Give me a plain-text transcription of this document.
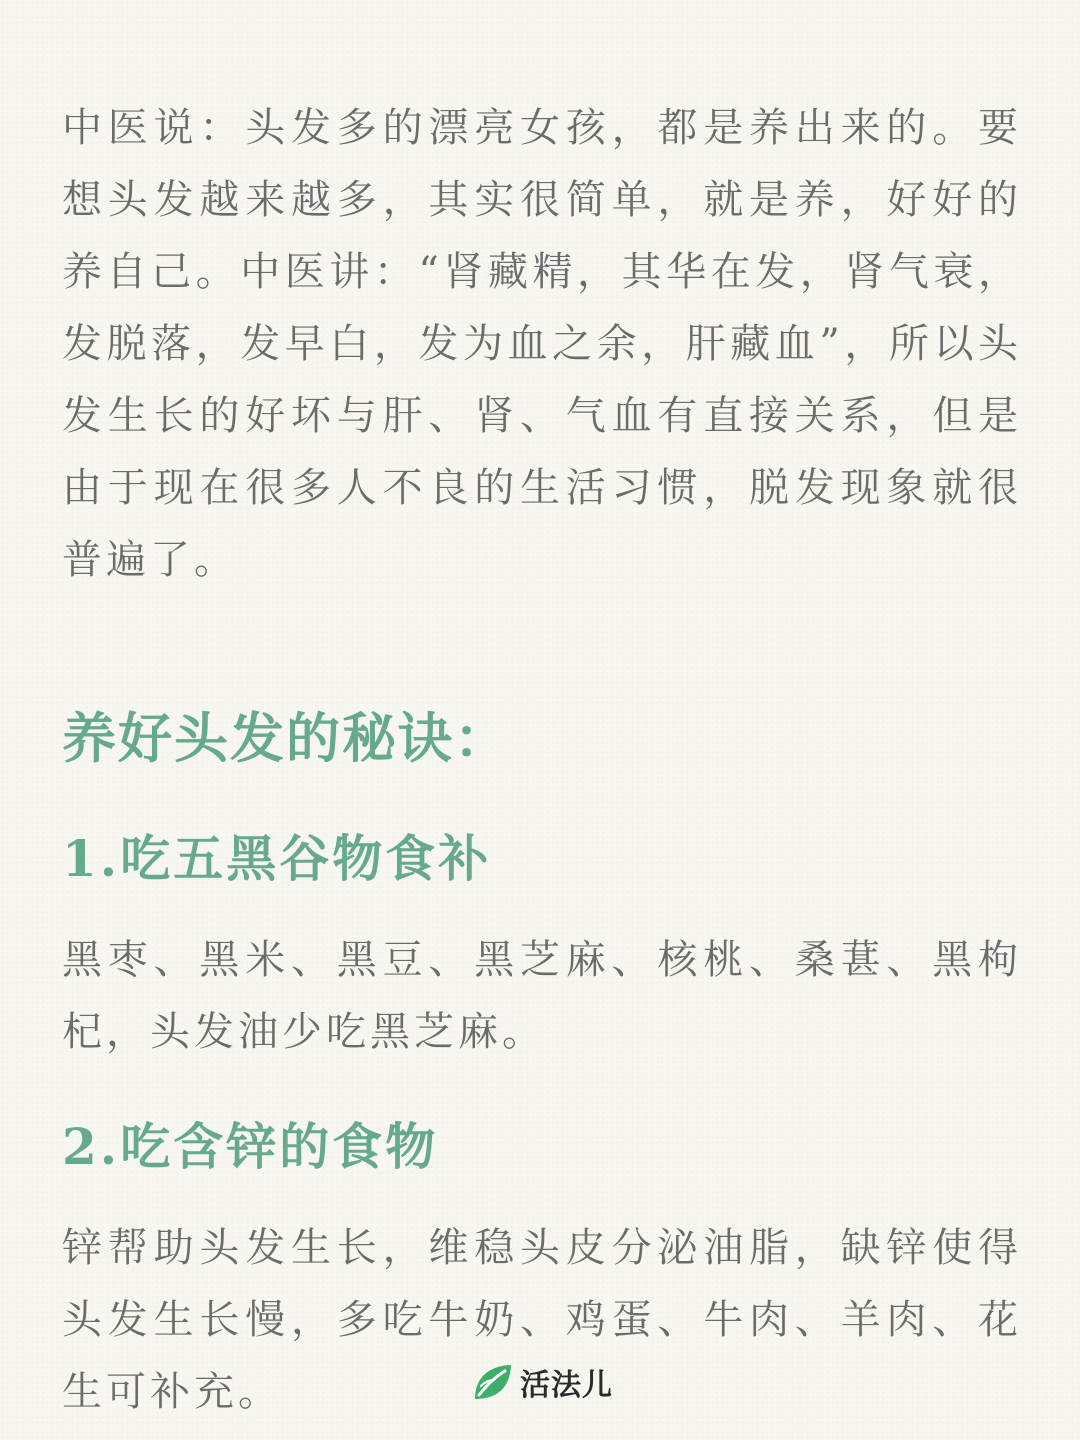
中医说：头发多的漂亮女孩，都是养出来的。要想头发越来越多，其实很简单，就是养，好好的养自己。中医讲：“肾藏精，其华在发，肾气衰，发脱落，发早白，发为血之余，肝藏血”，所以头发生长的好坏与肝、肾、气血有直接关系，但是由于现在很多人不良的生活习惯，脱发现象就很普遍了。

养好头发的秘诀：
1.吃五黑谷物食补

黑枣、黑米、黑豆、黑芝麻、核桃、桑葚、黑枸杞，头发油少吃黑芝麻。

2.吃含锌的食物

锌帮助头发生长，维稳头皮分泌油脂，缺锌使得头发生长慢，多吃牛奶、鸡蛋、牛肉、羊肉、花生可补充。	活法儿
